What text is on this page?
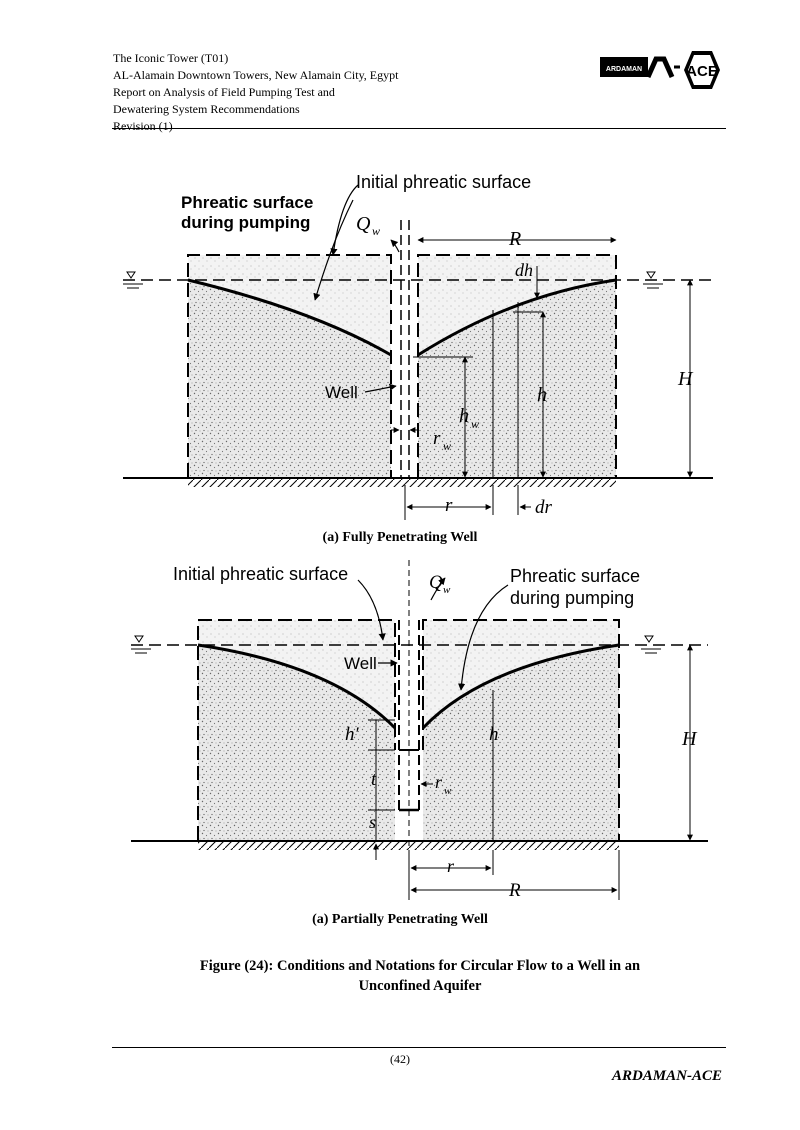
The Iconic Tower (T01)
AL-Alamain Downtown Towers, New Alamain City, Egypt
Report on Analysis of Field Pumping Test and
Dewatering System Recommendations
Revision (1)
ARDAMAN	ACE
Initial phreatic surface
Phreatic surface
during pumping Q w	R
dh
Well	h
h w
r w
H
r	dr
Initial phreatic surface	Phreatic surface
during pumping
Q w
Well
h′	h
t	r w
s
H
r
R
(a) Fully Penetrating Well
(a) Partially Penetrating Well
Figure (24): Conditions and Notations for Circular Flow to a Well in an
Unconfined Aquifer
(42)
ARDAMAN-ACE
